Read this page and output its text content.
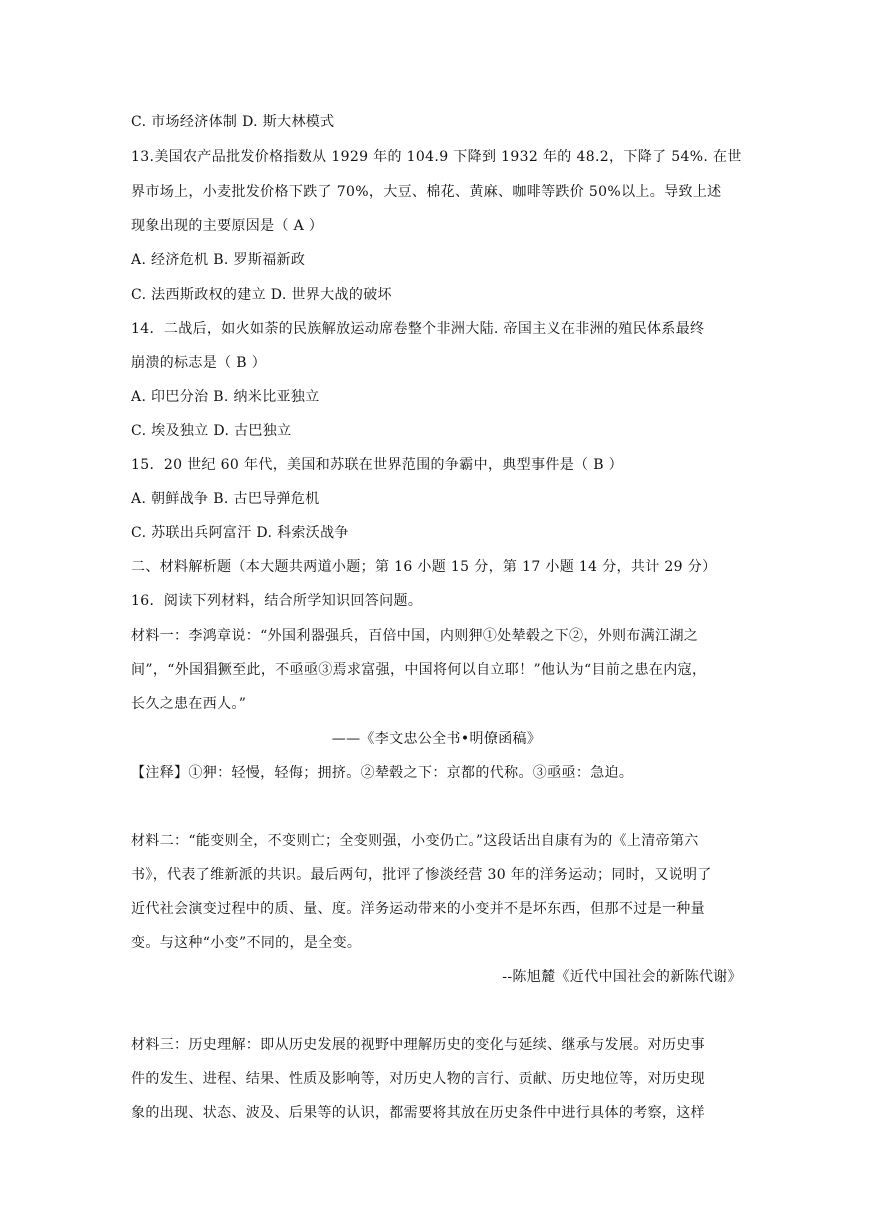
C. 市场经济体制 D. 斯大林模式
13.美国农产品批发价格指数从 1929 年的 104.9 下降到 1932 年的 48.2，下降了 54%. 在世
界市场上，小麦批发价格下跌了 70%，大豆、棉花、黄麻、咖啡等跌价 50%以上。导致上述
现象出现的主要原因是（ A ）
A. 经济危机 B. 罗斯福新政
C. 法西斯政权的建立 D. 世界大战的破坏
14．二战后，如火如荼的民族解放运动席卷整个非洲大陆. 帝国主义在非洲的殖民体系最终
崩溃的标志是（ B ）
A. 印巴分治 B. 纳米比亚独立
C. 埃及独立 D. 古巴独立
15．20 世纪 60 年代，美国和苏联在世界范围的争霸中，典型事件是（ B ）
A. 朝鲜战争 B. 古巴导弹危机
C. 苏联出兵阿富汗 D. 科索沃战争
二、材料解析题（本大题共两道小题；第 16 小题 15 分，第 17 小题 14 分，共计 29 分）
16．阅读下列材料，结合所学知识回答问题。
材料一：李鸿章说：“外国利器强兵，百倍中国，内则狎①处辇毂之下②，外则布满江湖之
间”，“外国猖獗至此，不亟亟③焉求富强，中国将何以自立耶！”他认为“目前之患在内寇，
长久之患在西人。”
——《李文忠公全书•明僚函稿》
【注释】①狎：轻慢，轻侮；拥挤。②辇毂之下：京都的代称。③亟亟：急迫。
材料二：“能变则全，不变则亡；全变则强，小变仍亡。”这段话出自康有为的《上清帝第六
书》，代表了维新派的共识。最后两句，批评了惨淡经营 30 年的洋务运动；同时，又说明了
近代社会演变过程中的质、量、度。洋务运动带来的小变并不是坏东西，但那不过是一种量
变。与这种“小变”不同的，是全变。
--陈旭麓《近代中国社会的新陈代谢》
材料三：历史理解：即从历史发展的视野中理解历史的变化与延续、继承与发展。对历史事
件的发生、进程、结果、性质及影响等，对历史人物的言行、贡献、历史地位等，对历史现
象的出现、状态、波及、后果等的认识，都需要将其放在历史条件中进行具体的考察，这样
